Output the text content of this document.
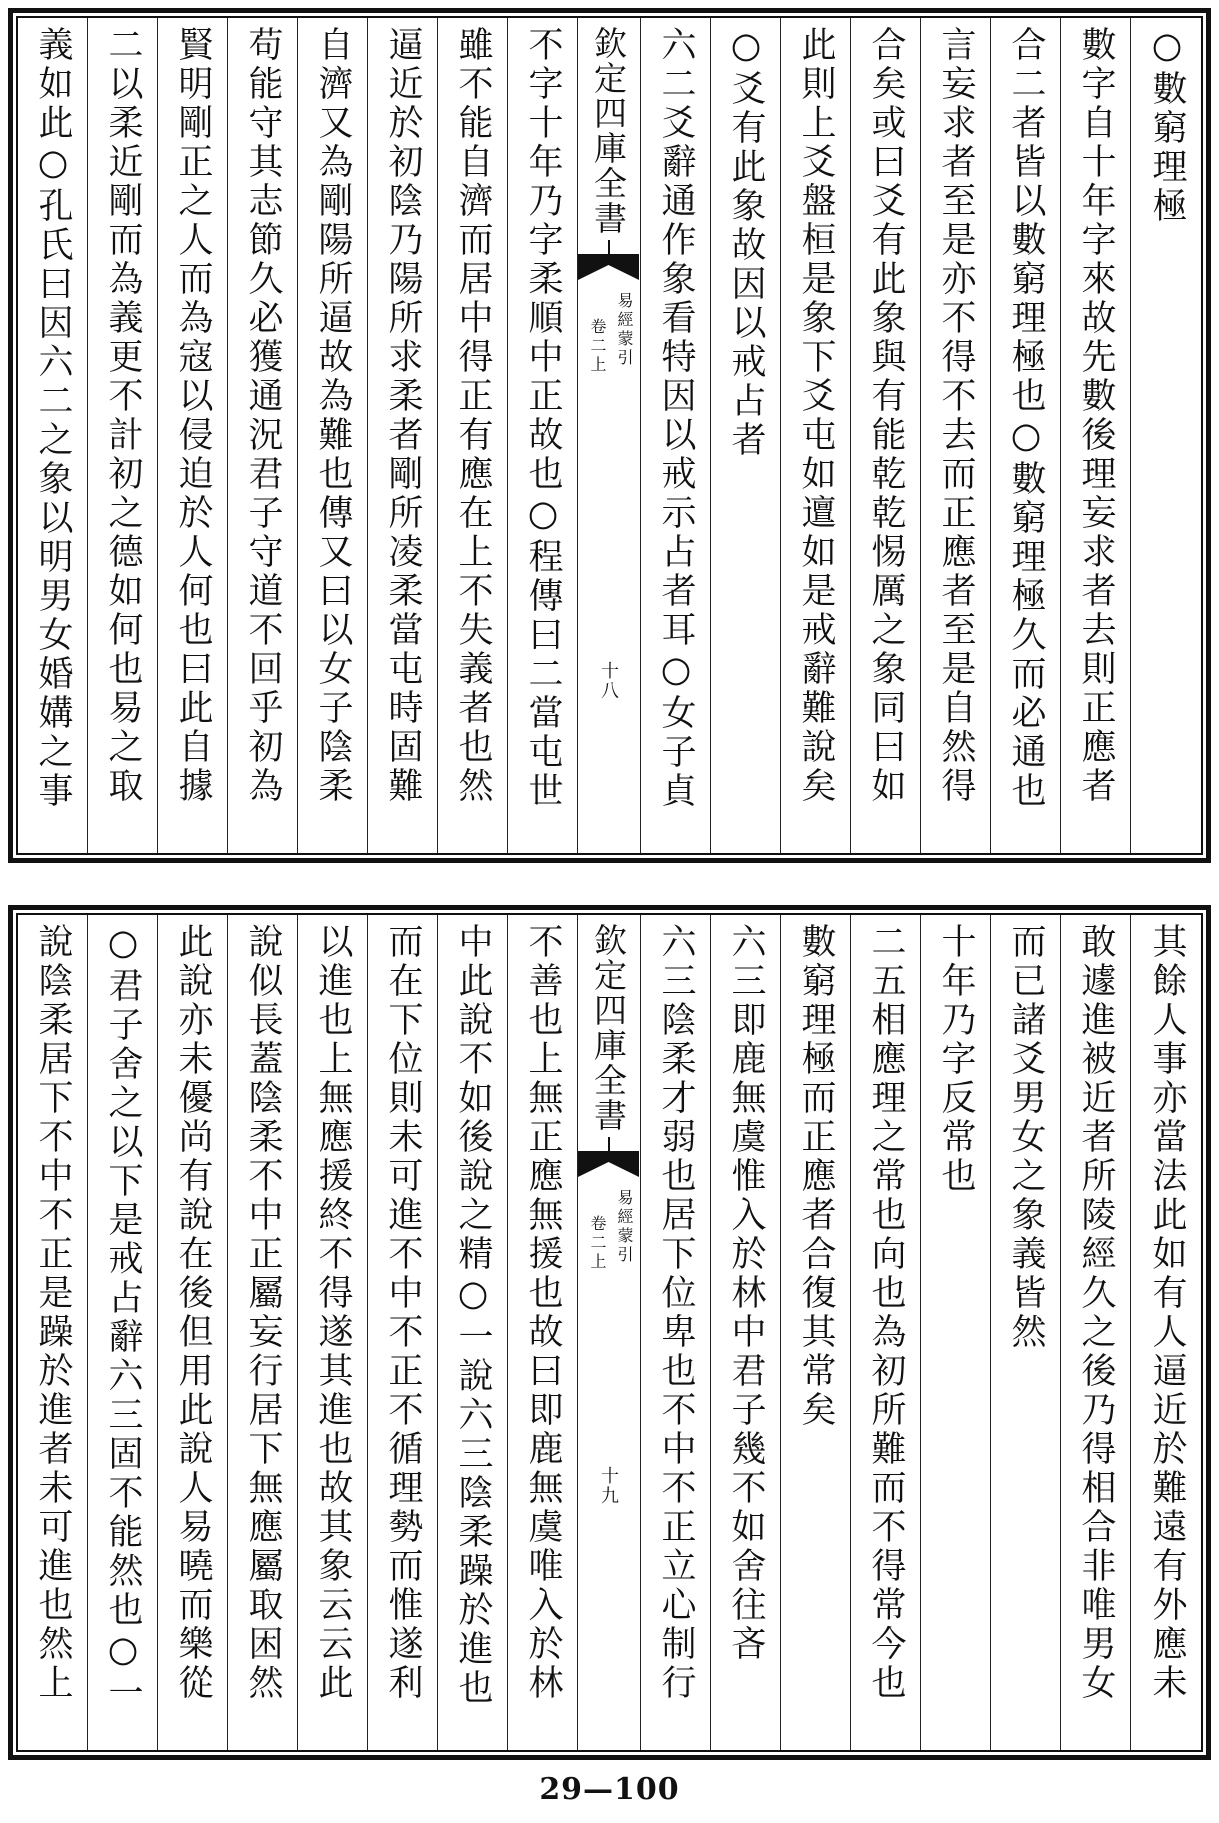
○數窮理極
數字自十年字來故先數後理妄求者去則正應者
合二者皆以數窮理極也○數窮理極久而必通也
言妄求者至是亦不得不去而正應者至是自然得
合矣或曰爻有此象與有能乾乾惕厲之象同曰如
此則上爻盤桓是象下爻屯如邅如是戒辭難說矣
○爻有此象故因以戒占者
六二爻辭通作象看特因以戒示占者耳○女子貞
欽定四庫全書
易經蒙引
卷二上
十八
不字十年乃字柔順中正故也○程傳曰二當屯世
雖不能自濟而居中得正有應在上不失義者也然
逼近於初陰乃陽所求柔者剛所凌柔當屯時固難
自濟又為剛陽所逼故為難也傳又曰以女子陰柔
苟能守其志節久必獲通況君子守道不回乎初為
賢明剛正之人而為寇以侵迫於人何也曰此自據
二以柔近剛而為義更不計初之德如何也易之取
義如此○孔氏曰因六二之象以明男女婚媾之事
其餘人事亦當法此如有人逼近於難遠有外應未
敢遽進被近者所陵經久之後乃得相合非唯男女
而已諸爻男女之象義皆然
十年乃字反常也
二五相應理之常也向也為初所難而不得常今也
數窮理極而正應者合復其常矣
六三即鹿無虞惟入於林中君子幾不如舍往吝
六三陰柔才弱也居下位卑也不中不正立心制行
欽定四庫全書
易經蒙引
卷二上
十九
不善也上無正應無援也故曰即鹿無虞唯入於林
中此說不如後說之精○一說六三陰柔躁於進也
而在下位則未可進不中不正不循理勢而惟遂利
以進也上無應援終不得遂其進也故其象云云此
說似長蓋陰柔不中正屬妄行居下無應屬取困然
此說亦未優尚有說在後但用此說人易曉而樂從
○君子舍之以下是戒占辭六三固不能然也○一
說陰柔居下不中不正是躁於進者未可進也然上
29—100
